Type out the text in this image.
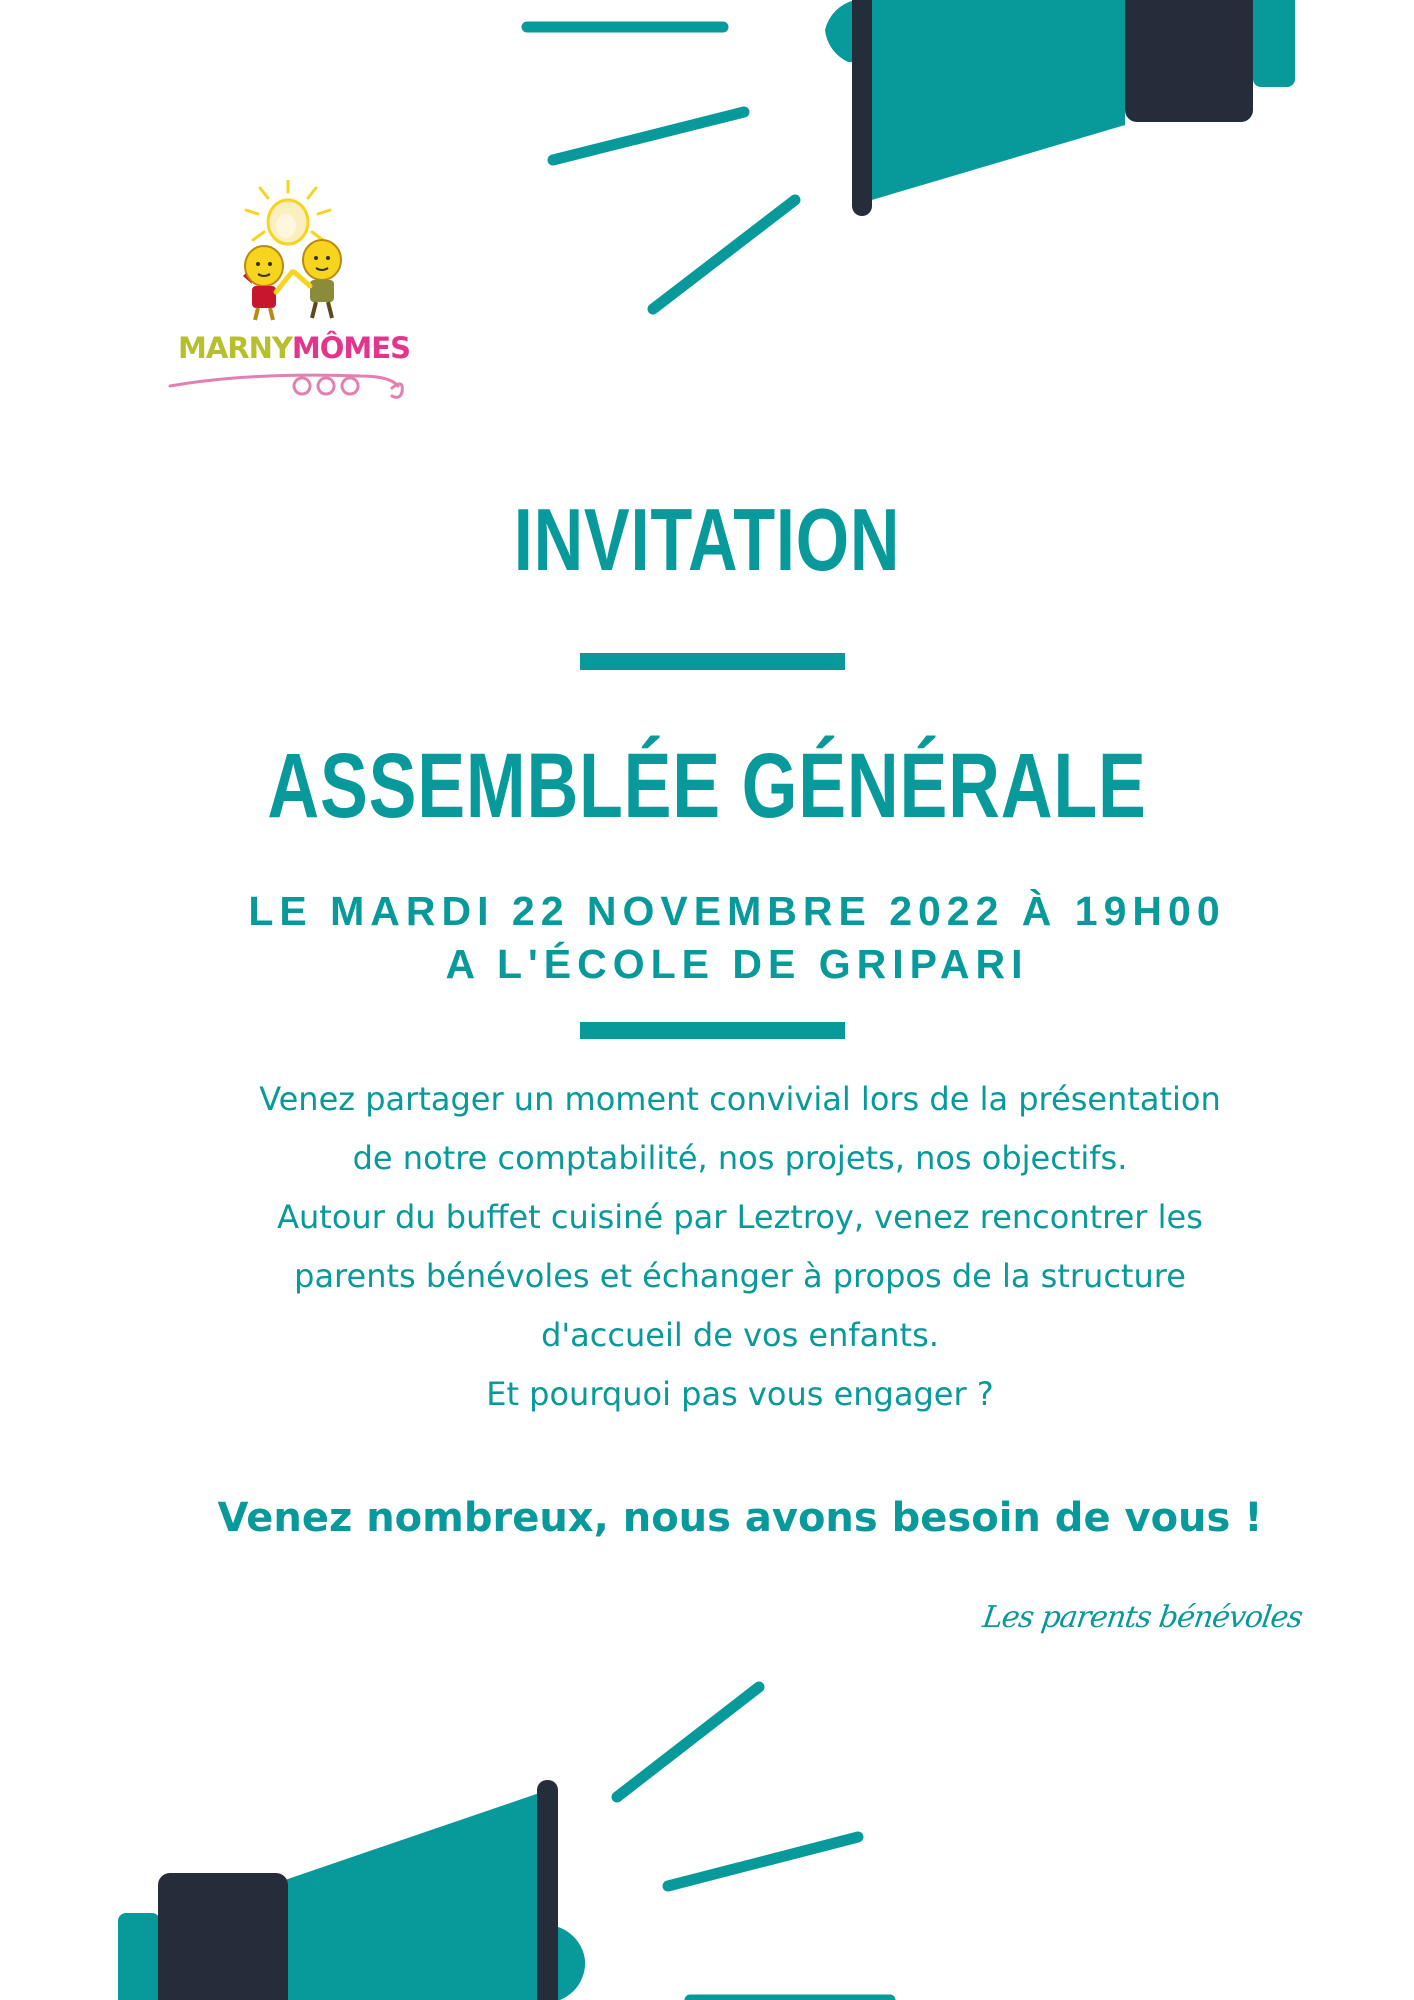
MARNYMÔMES
INVITATION
ASSEMBLÉE GÉNÉRALE
LE MARDI 22 NOVEMBRE 2022 À 19H00
A L'ÉCOLE DE GRIPARI
Venez partager un moment convivial lors de la présentation
de notre comptabilité, nos projets, nos objectifs.
Autour du buffet cuisiné par Leztroy, venez rencontrer les
parents bénévoles et échanger à propos de la structure
d'accueil de vos enfants.
Et pourquoi pas vous engager ?
Venez nombreux, nous avons besoin de vous !
Les parents bénévoles
